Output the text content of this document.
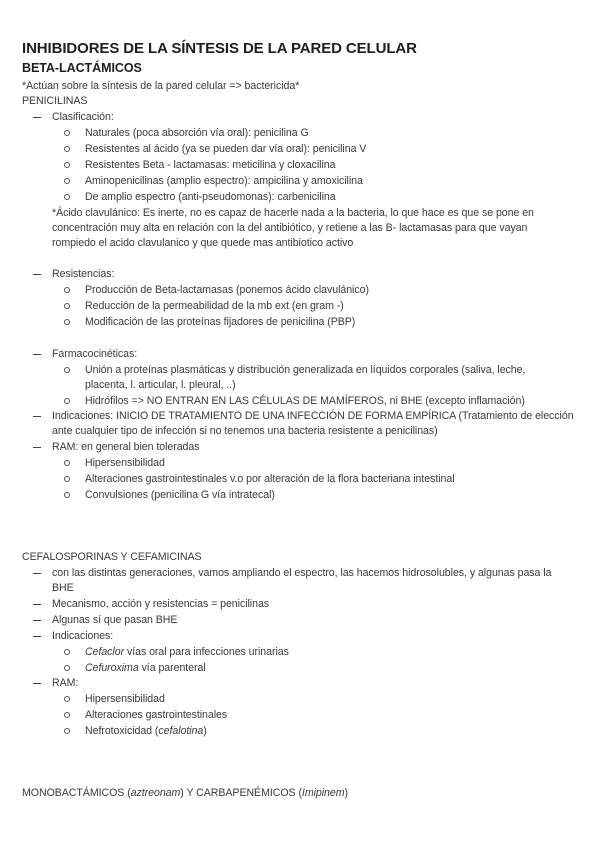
INHIBIDORES DE LA SÍNTESIS DE LA PARED CELULAR
BETA-LACTÁMICOS
*Actúan sobre la síntesis de la pared celular => bactericida*
PENICILINAS
Clasificación:
Naturales (poca absorción vía oral): penicilina G
Resistentes al ácido (ya se pueden dar vía oral): penicilina V
Resistentes Beta - lactamasas: meticilina y cloxacilina
Aminopenicilinas (amplio espectro): ampicilina y amoxicilina
De amplio espectro (anti-pseudomonas): carbenicilina
*Ácido clavulánico: Es inerte, no es capaz de hacerle nada a la bacteria, lo que hace es que se pone en
concentración muy alta en relación con la del antibiótico, y retiene a las B- lactamasas para que vayan
rompiedo el acido clavulanico y que quede mas antibiotico activo
Resistencias:
Producción de Beta-lactamasas (ponemos ácido clavulánico)
Reducción de la permeabilidad de la mb ext (en gram -)
Modificación de las proteínas fijadores de penicilina (PBP)
Farmacocinéticas:
Unión a proteínas plasmáticas y distribución generalizada en líquidos corporales (saliva, leche,
placenta, l. articular, l. pleural, ..)
Hidrófilos => NO ENTRAN EN LAS CÉLULAS DE MAMÍFEROS, ni BHE (excepto inflamación)
Indicaciones: INICIO DE TRATAMIENTO DE UNA INFECCIÓN DE FORMA EMPÍRICA (Tratamiento de elección
ante cualquier tipo de infección si no tenemos una bacteria resistente a penicilinas)
RAM: en general bien toleradas
Hipersensibilidad
Alteraciones gastrointestinales v.o por alteración de la flora bacteriana intestinal
Convulsiones (penicilina G vía intratecal)
CEFALOSPORINAS Y CEFAMICINAS
con las distintas generaciones, vamos ampliando el espectro, las hacemos hidrosolubles, y algunas pasa la
BHE
Mecanismo, acción y resistencias = penicilinas
Algunas sí que pasan BHE
Indicaciones:
Cefaclor vías oral para infecciones urinarias
Cefuroxima vía parenteral
RAM:
Hipersensibilidad
Alteraciones gastrointestinales
Nefrotoxicidad (cefalotina)
MONOBACTÁMICOS (aztreonam) Y CARBAPENÉMICOS (Imipinem)
